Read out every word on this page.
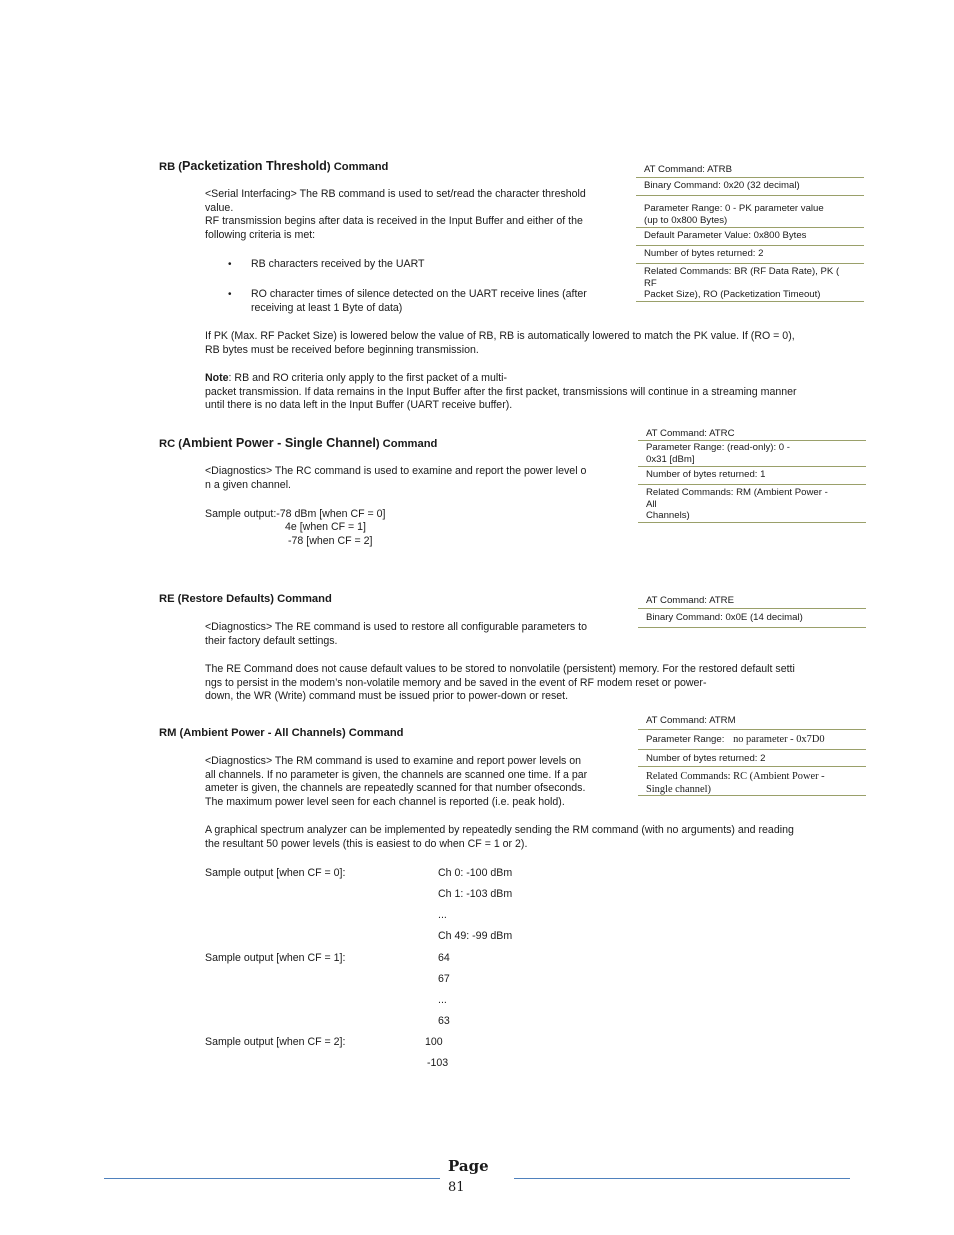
RB (Packetization Threshold) Command
<Serial Interfacing> The RB command is used to set/read the character threshold
value.
RF transmission begins after data is received in the Input Buffer and either of the
following criteria is met:
• RB characters received by the UART
• RO character times of silence detected on the UART receive lines (after
receiving at least 1 Byte of data)
If PK (Max. RF Packet Size) is lowered below the value of RB, RB is automatically lowered to match the PK value. If (RO = 0),
RB bytes must be received before beginning transmission.
Note: RB and RO criteria only apply to the first packet of a multi-
packet transmission. If data remains in the Input Buffer after the first packet, transmissions will continue in a streaming manner
until there is no data left in the Input Buffer (UART receive buffer).
AT Command: ATRB
Binary Command: 0x20 (32 decimal)
Parameter Range: 0 - PK parameter value
(up to 0x800 Bytes)
Default Parameter Value: 0x800 Bytes
Number of bytes returned: 2
Related Commands: BR (RF Data Rate), PK (
RF
Packet Size), RO (Packetization Timeout)
RC (Ambient Power - Single Channel) Command
<Diagnostics> The RC command is used to examine and report the power level o
n a given channel.
Sample output:-78 dBm [when CF = 0]
4e [when CF = 1]
-78 [when CF = 2]
AT Command: ATRC
Parameter Range: (read-only): 0 -
0x31 [dBm]
Number of bytes returned: 1
Related Commands: RM (Ambient Power -
All
Channels)
RE (Restore Defaults) Command
<Diagnostics> The RE command is used to restore all configurable parameters to
their factory default settings.
The RE Command does not cause default values to be stored to nonvolatile (persistent) memory. For the restored default setti
ngs to persist in the modem’s non-volatile memory and be saved in the event of RF modem reset or power-
down, the WR (Write) command must be issued prior to power-down or reset.
AT Command: ATRE
Binary Command: 0x0E (14 decimal)
RM (Ambient Power - All Channels) Command
<Diagnostics> The RM command is used to examine and report power levels on
all channels. If no parameter is given, the channels are scanned one time. If a par
ameter is given, the channels are repeatedly scanned for that number ofseconds.
The maximum power level seen for each channel is reported (i.e. peak hold).
A graphical spectrum analyzer can be implemented by repeatedly sending the RM command (with no arguments) and reading
the resultant 50 power levels (this is easiest to do when CF = 1 or 2).
Sample output [when CF = 0]:	Ch 0: -100 dBm
Ch 1: -103 dBm
...
Ch 49: -99 dBm
Sample output [when CF = 1]:	64
67
...
63
Sample output [when CF = 2]:	100
-103
AT Command: ATRM
Parameter Range: no parameter - 0x7D0
Number of bytes returned: 2
Related Commands: RC (Ambient Power -
Single channel)
Page
81
